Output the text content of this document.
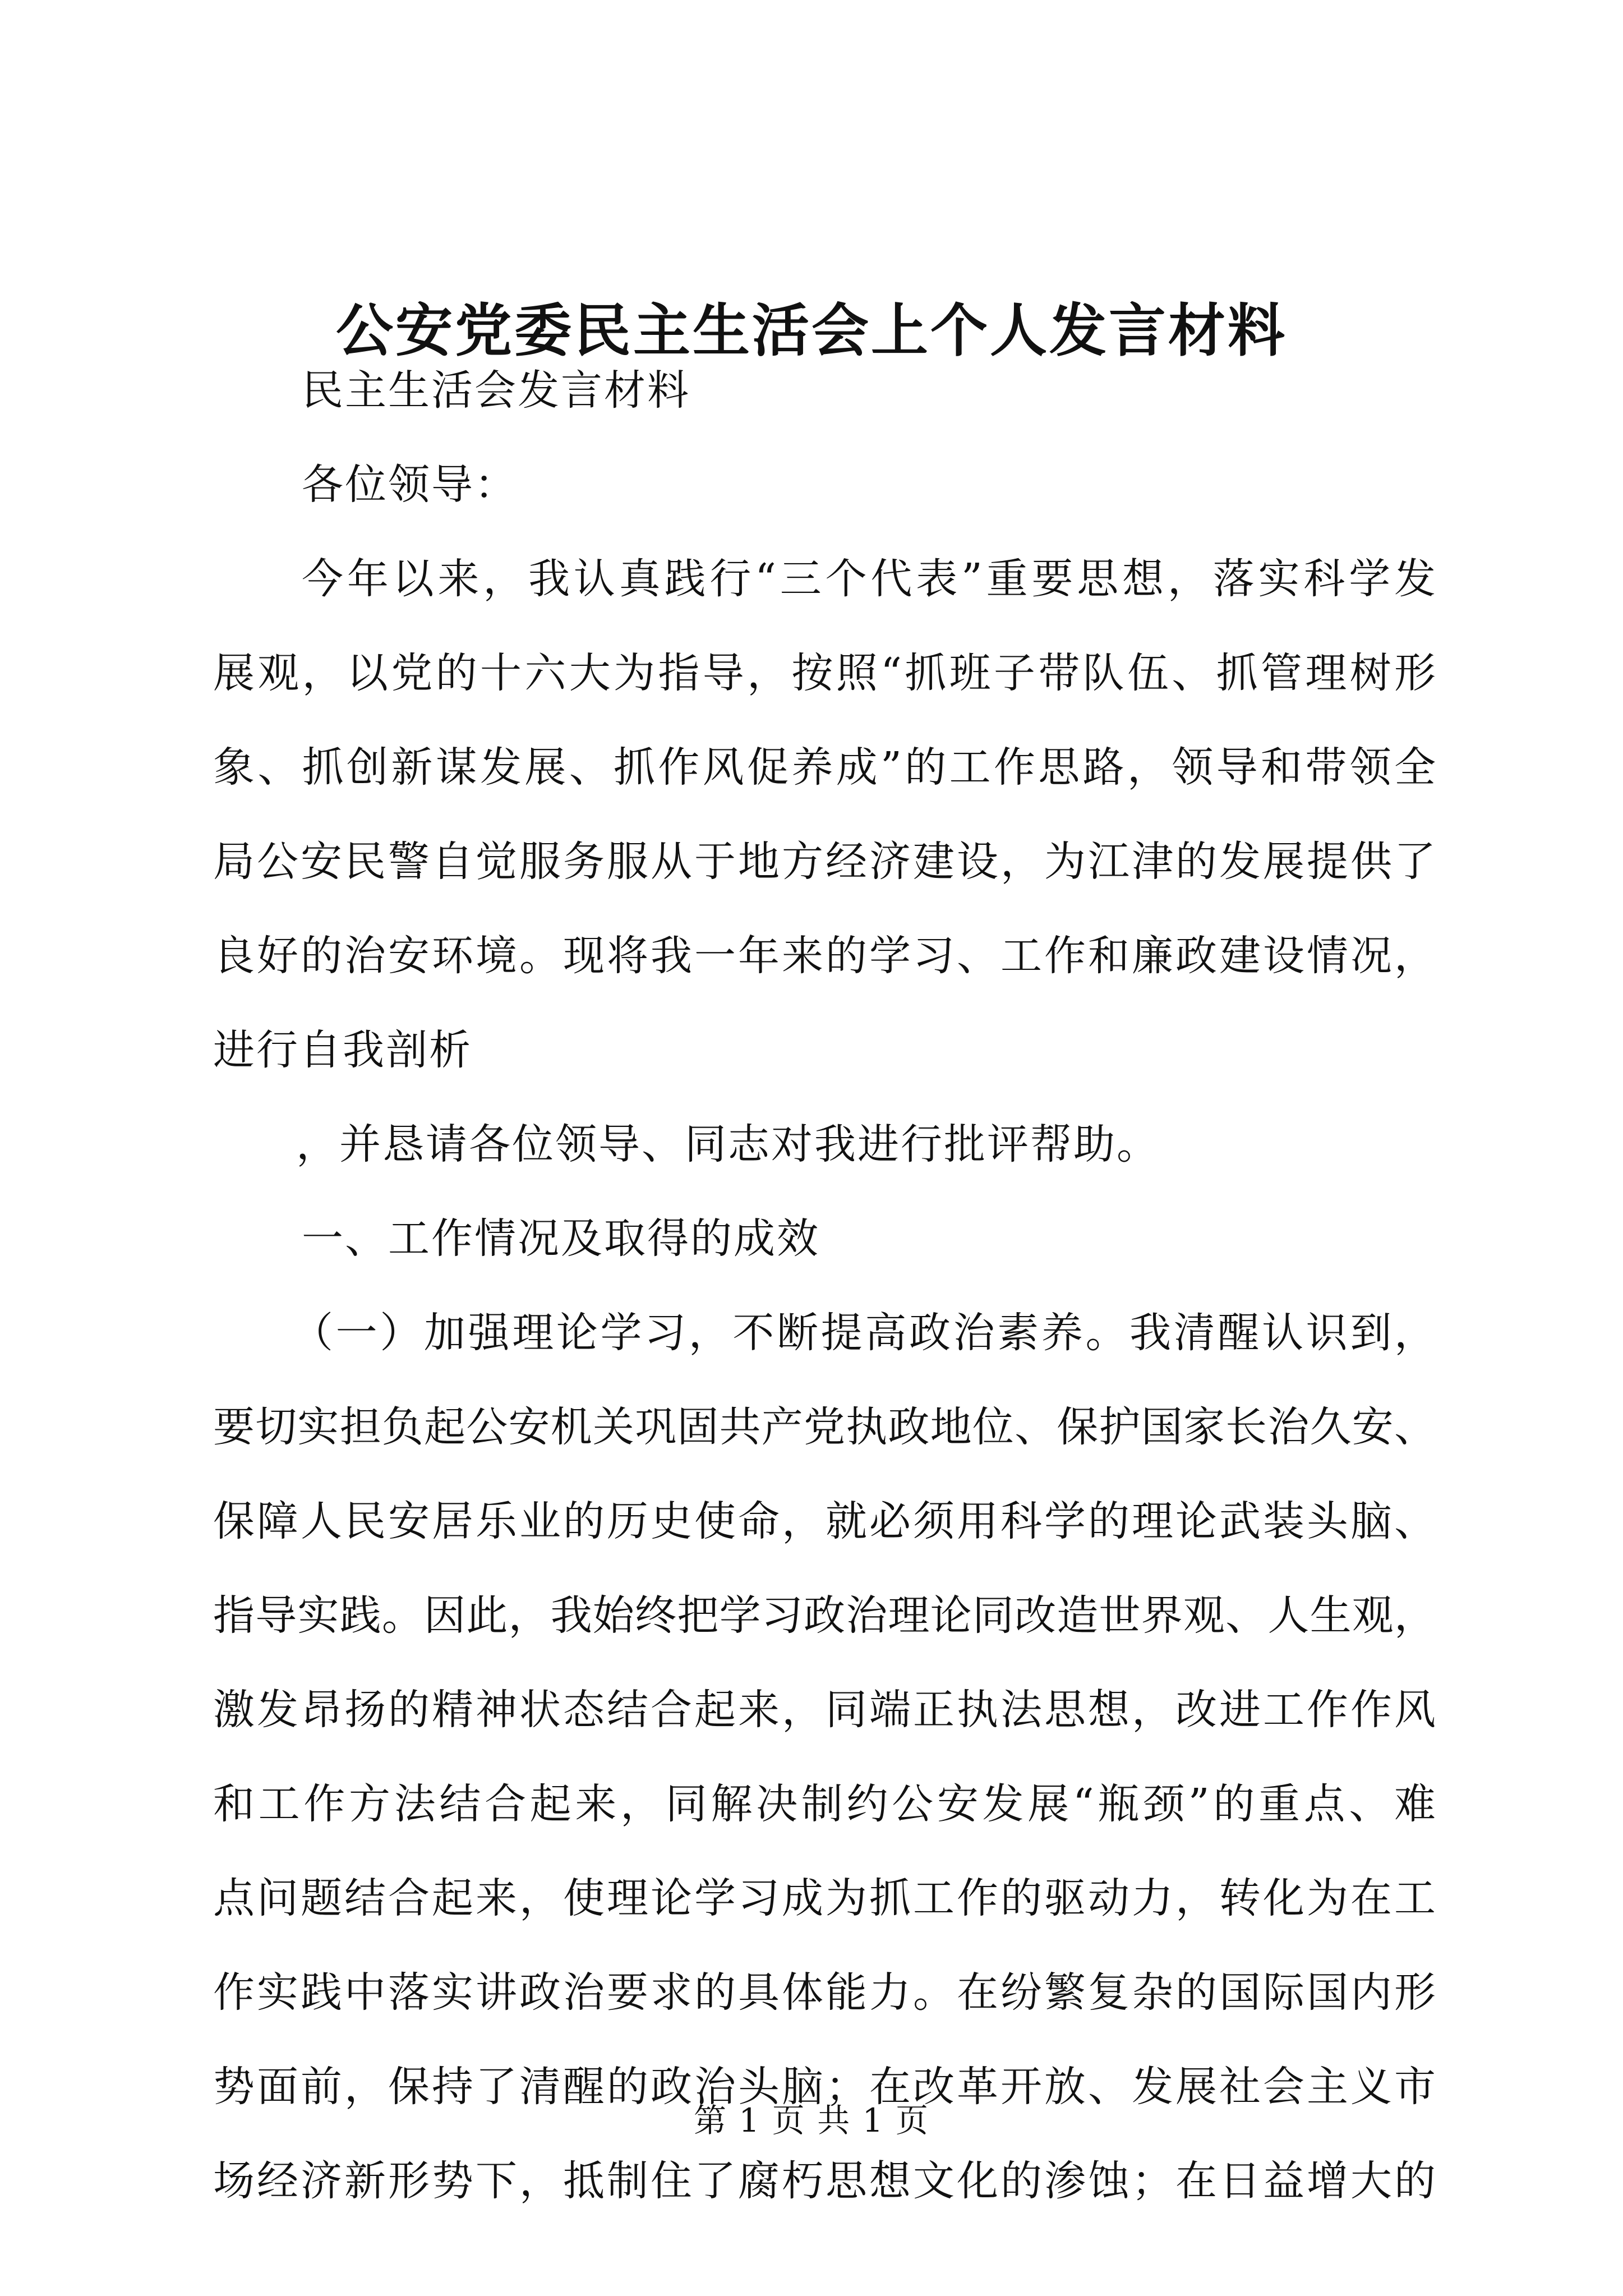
公安党委民主生活会上个人发言材料
民主生活会发言材料
各位领导：
今年以来，我认真践行“三个代表”重要思想，落实科学发
展观，以党的十六大为指导，按照“抓班子带队伍、抓管理树形
象、抓创新谋发展、抓作风促养成”的工作思路，领导和带领全
局公安民警自觉服务服从于地方经济建设，为江津的发展提供了
良好的治安环境。现将我一年来的学习、工作和廉政建设情况，
进行自我剖析
，并恳请各位领导、同志对我进行批评帮助。
一、工作情况及取得的成效
（一）加强理论学习，不断提高政治素养。我清醒认识到，
要切实担负起公安机关巩固共产党执政地位、保护国家长治久安、
保障人民安居乐业的历史使命，就必须用科学的理论武装头脑、
指导实践。因此，我始终把学习政治理论同改造世界观、人生观，
激发昂扬的精神状态结合起来，同端正执法思想，改进工作作风
和工作方法结合起来，同解决制约公安发展“瓶颈”的重点、难
点问题结合起来，使理论学习成为抓工作的驱动力，转化为在工
作实践中落实讲政治要求的具体能力。在纷繁复杂的国际国内形
势面前，保持了清醒的政治头脑；在改革开放、发展社会主义市
场经济新形势下，抵制住了腐朽思想文化的渗蚀；在日益增大的
第 1 页 共 1 页
